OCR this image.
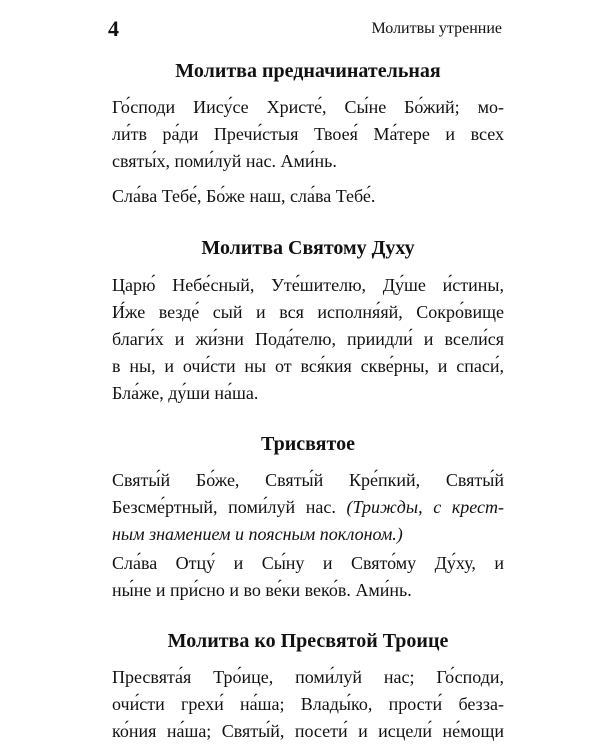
4	Молитвы утренние
Молитва предначинательная

Го́споди Иису́се Христе́, Сы́не Бо́жий; мо-
ли́тв ра́ди Пречи́стыя Твоея́ Ма́тере и всех
святы́х, поми́луй нас. Ами́нь.

Сла́ва Тебе́, Бо́же наш, сла́ва Тебе́.

Молитва Святому Духу

Царю́ Небе́сный, Уте́шителю, Ду́ше и́стины,
И́же везде́ сый и вся исполня́яй, Сокро́вище
благи́х и жи́зни Пода́телю, приидли́ и всели́ся
в ны, и очи́сти ны от вся́кия скве́рны, и спаси́,
Бла́же, ду́ши на́ша.

Трисвятое

Святы́й Бо́же, Святы́й Кре́пкий, Святы́й
Безсме́ртный, поми́луй нас. (Трижды, с крест-
ным знамением и поясным поклоном.)

Сла́ва Отцу́ и Сы́ну и Свято́му Ду́ху, и
ны́не и при́сно и во ве́ки веко́в. Ами́нь.

Молитва ко Пресвятой Троице

Пресвята́я Тро́ице, поми́луй нас; Го́споди,
очи́сти грехи́ на́ша; Влады́ко, прости́ безза-
ко́ния на́ша; Святы́й, посети́ и исцели́ не́мощи
